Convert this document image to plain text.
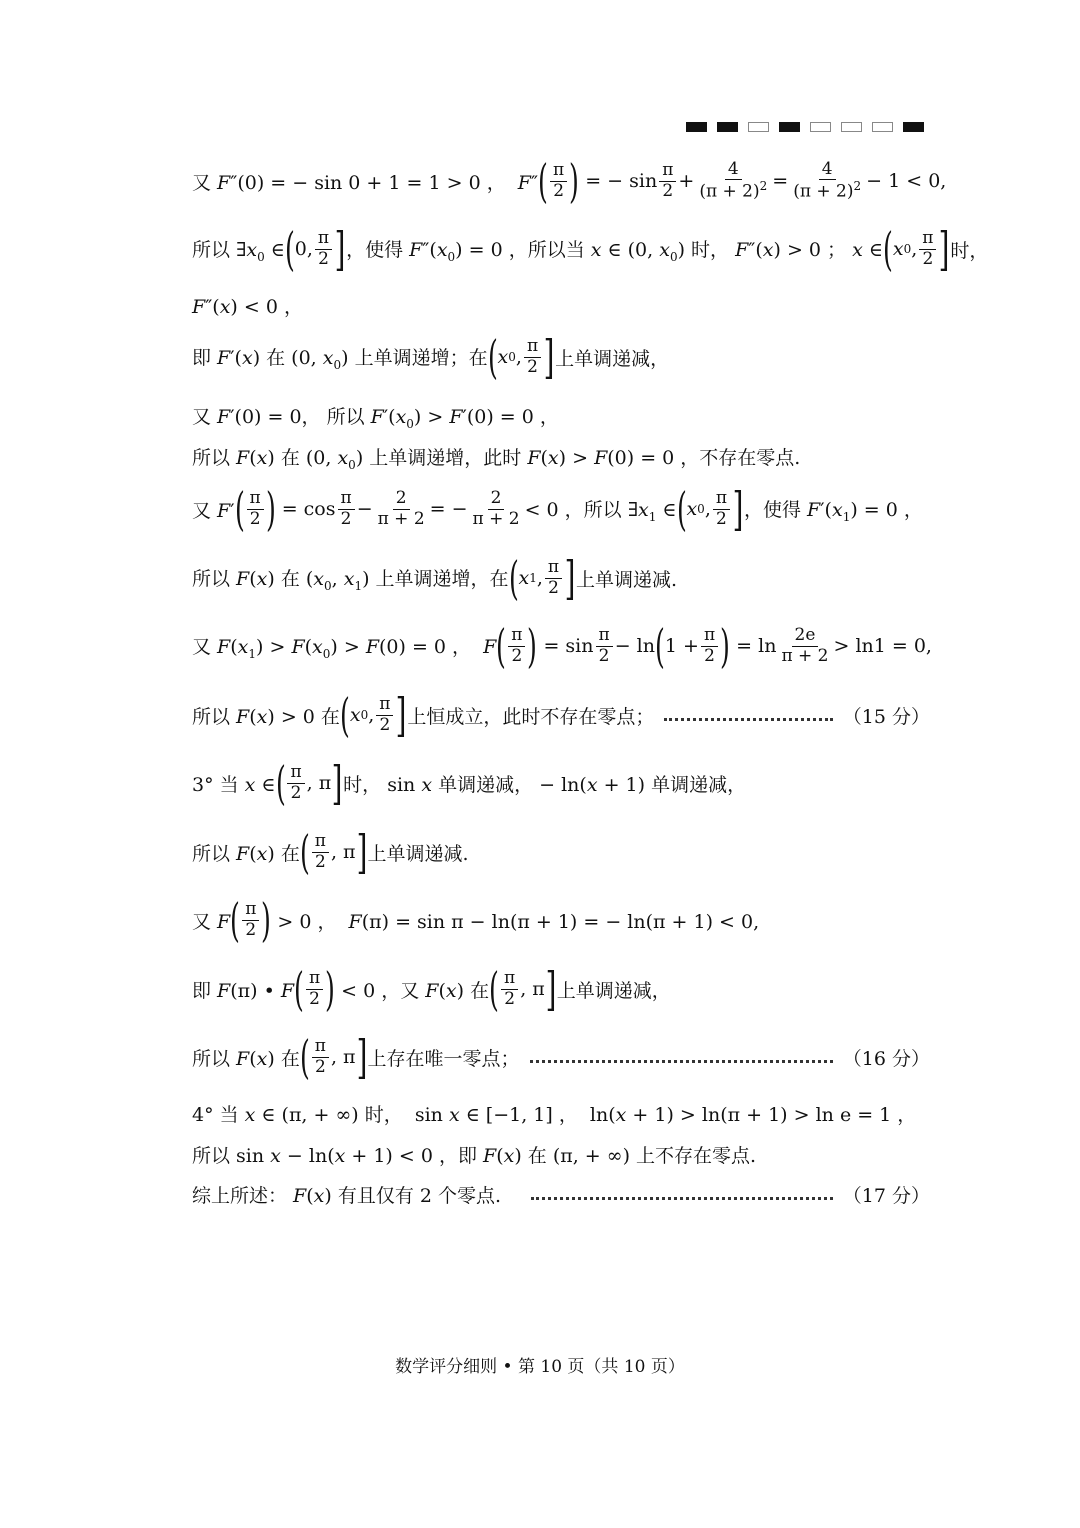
又 F″(0) = − sin 0 + 1 = 1 > 0 ，  F″ ( $\frac{\pi}{2}$ ) = − $\sin \frac{\pi}{2} + \frac{4}{(\pi + 2)^2} = \frac{4}{(\pi + 2)^2} - 1 < 0$,
所以 $\exists x_0$ ∈ ( 0, $\frac{\pi}{2}$ ] ，使得 $F''(x_0) = 0$ ，所以当 x ∈ (0, $x_0$) 时， F″(x) > 0 ； x ∈ ( x 0 , $\frac{\pi}{2}$ ] 时，
F″(x) < 0 ，
即 F′(x) 在 (0, $x_0$) 上单调递增；在 ( x 0 , $\frac{\pi}{2}$ ] 上单调递减，
又 F′(0) = 0， 所以 $F'(x_0) > F'(0) = 0$ ，
所以 F(x) 在 (0, $x_0$) 上单调递增，此时 F(x) > F(0) = 0 ，不存在零点.
又 F′ ( $\frac{\pi}{2}$ ) = $\cos \frac{\pi}{2} - \frac{2}{\pi + 2}$ = − $\frac{2}{\pi + 2} < 0$ ，所以 $\exists x_1$ ∈ ( x 0 , $\frac{\pi}{2}$ ] ，使得 $F'(x_1) = 0$ ，
所以 F(x) 在 ($x_0$, $x_1$) 上单调递增，在 ( x 1 , $\frac{\pi}{2}$ ] 上单调递减.
又 $F(x_1) > F(x_0) > F(0) = 0$ ，  F ( $\frac{\pi}{2}$ ) = $\sin \frac{\pi}{2} - \ln$ ( $1 + \frac{\pi}{2}$ ) = $\ln \frac{2e}{\pi + 2} > \ln 1 = 0$,
所以 F(x) > 0 在 ( x 0 , $\frac{\pi}{2}$ ] 上恒成立，此时不存在零点；	（15 分）
3° 当 x ∈ ( $\frac{\pi}{2}$ , π ] 时， sin x 单调递减， − ln(x + 1) 单调递减，
所以 F(x) 在 ( $\frac{\pi}{2}$ , π ] 上单调递减.
又 F ( $\frac{\pi}{2}$ ) > 0 ，  F(π) = sin π − ln(π + 1) = − ln(π + 1) < 0,
即 F(π) • F ( $\frac{\pi}{2}$ ) < 0 ，又 F(x) 在 ( $\frac{\pi}{2}$ , π ] 上单调递减，
所以 F(x) 在 ( $\frac{\pi}{2}$ , π ] 上存在唯一零点；	（16 分）
4° 当 x ∈ (π, + ∞) 时，  sin x ∈ [−1, 1] ，  ln(x + 1) > ln(π + 1) > ln e = 1 ，
所以 sin x − ln(x + 1) < 0 ，即 F(x) 在 (π, + ∞) 上不存在零点.
综上所述： F(x) 有且仅有 2 个零点.	（17 分）
数学评分细则 • 第 10 页（共 10 页）
